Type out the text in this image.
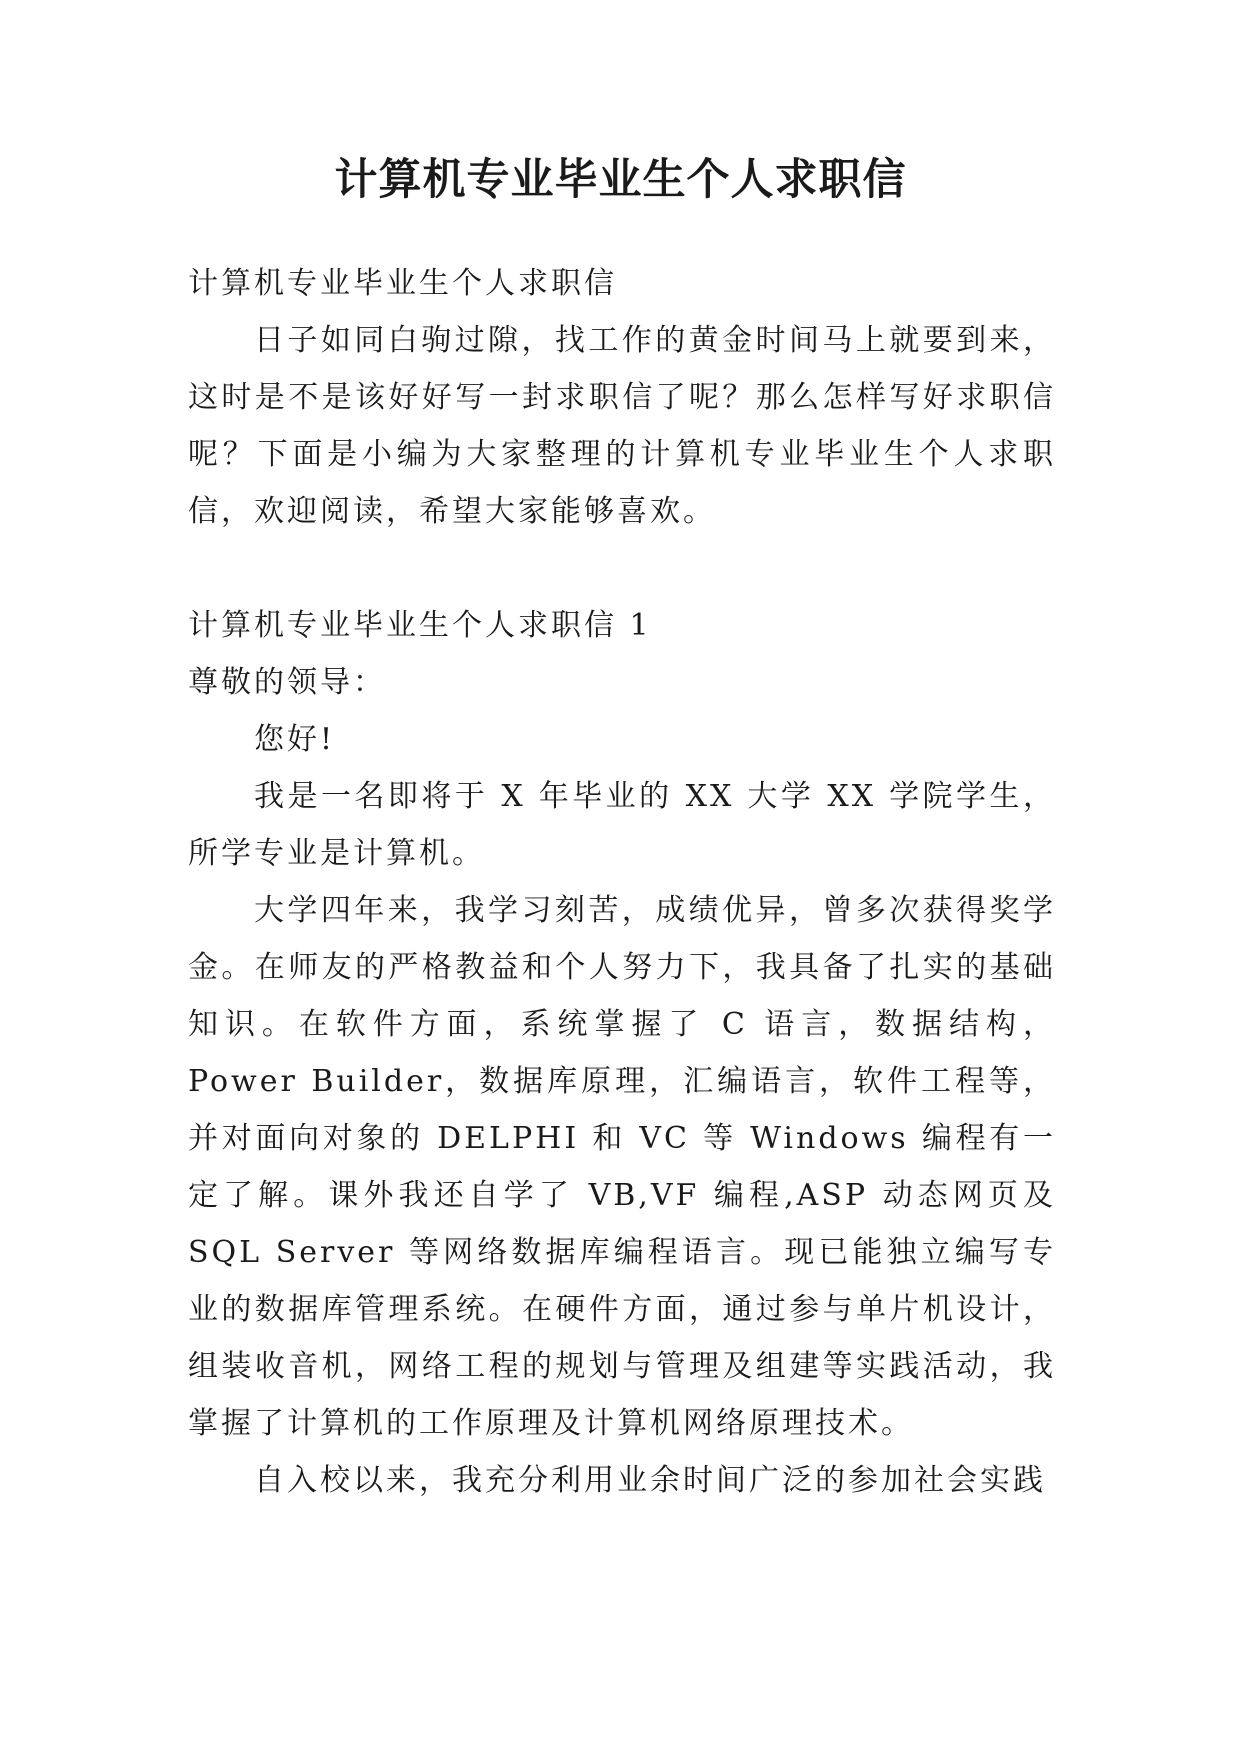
计算机专业毕业生个人求职信

计算机专业毕业生个人求职信

日子如同白驹过隙，找工作的黄金时间马上就要到来，这时是不是该好好写一封求职信了呢？那么怎样写好求职信呢？下面是小编为大家整理的计算机专业毕业生个人求职信，欢迎阅读，希望大家能够喜欢。

计算机专业毕业生个人求职信 1

尊敬的领导：

您好!

我是一名即将于 X 年毕业的 XX 大学 XX 学院学生，所学专业是计算机。

大学四年来，我学习刻苦，成绩优异，曾多次获得奖学金。在师友的严格教益和个人努力下，我具备了扎实的基础知识。在软件方面，系统掌握了 C 语言，数据结构，Power Builder，数据库原理，汇编语言，软件工程等，并对面向对象的 DELPHI 和 VC 等 Windows 编程有一定了解。课外我还自学了 VB,VF 编程,ASP 动态网页及 SQL Server 等网络数据库编程语言。现已能独立编写专业的数据库管理系统。在硬件方面，通过参与单片机设计，组装收音机，网络工程的规划与管理及组建等实践活动，我掌握了计算机的工作原理及计算机网络原理技术。

自入校以来，我充分利用业余时间广泛的参加社会实践
